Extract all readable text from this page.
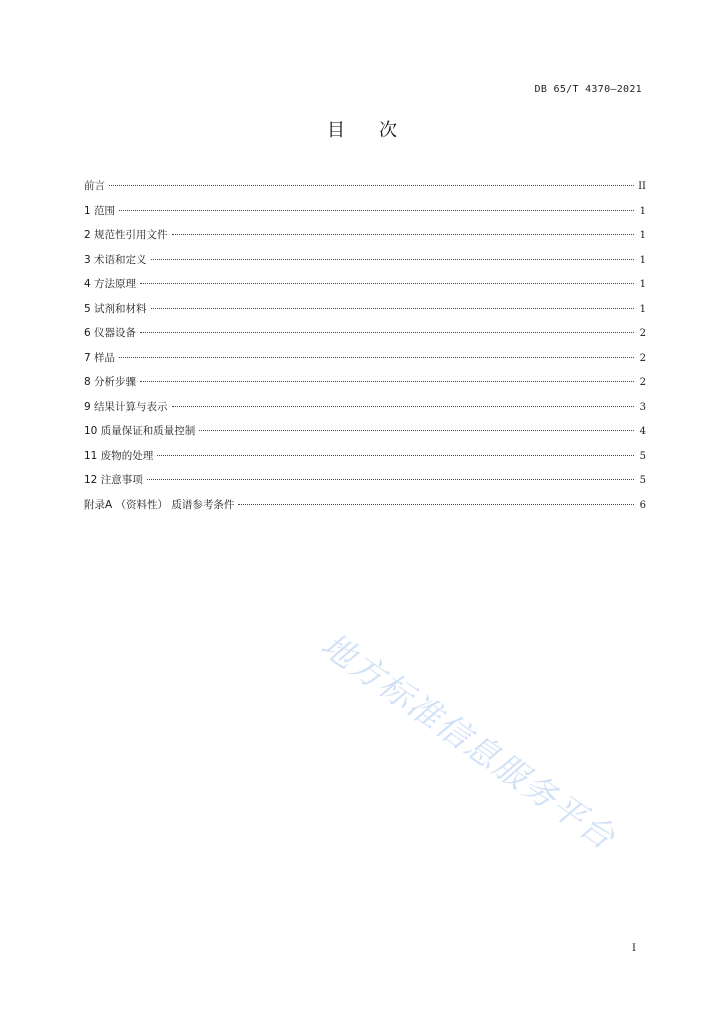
DB 65/T 4370—2021
目次
前言	II
1 范围	1
2 规范性引用文件	1
3 术语和定义	1
4 方法原理	1
5 试剂和材料	1
6 仪器设备	2
7 样品	2
8 分析步骤	2
9 结果计算与表示	3
10 质量保证和质量控制	4
11 废物的处理	5
12 注意事项	5
附录A （资料性） 质谱参考条件	6
地方标准信息服务平台
I
